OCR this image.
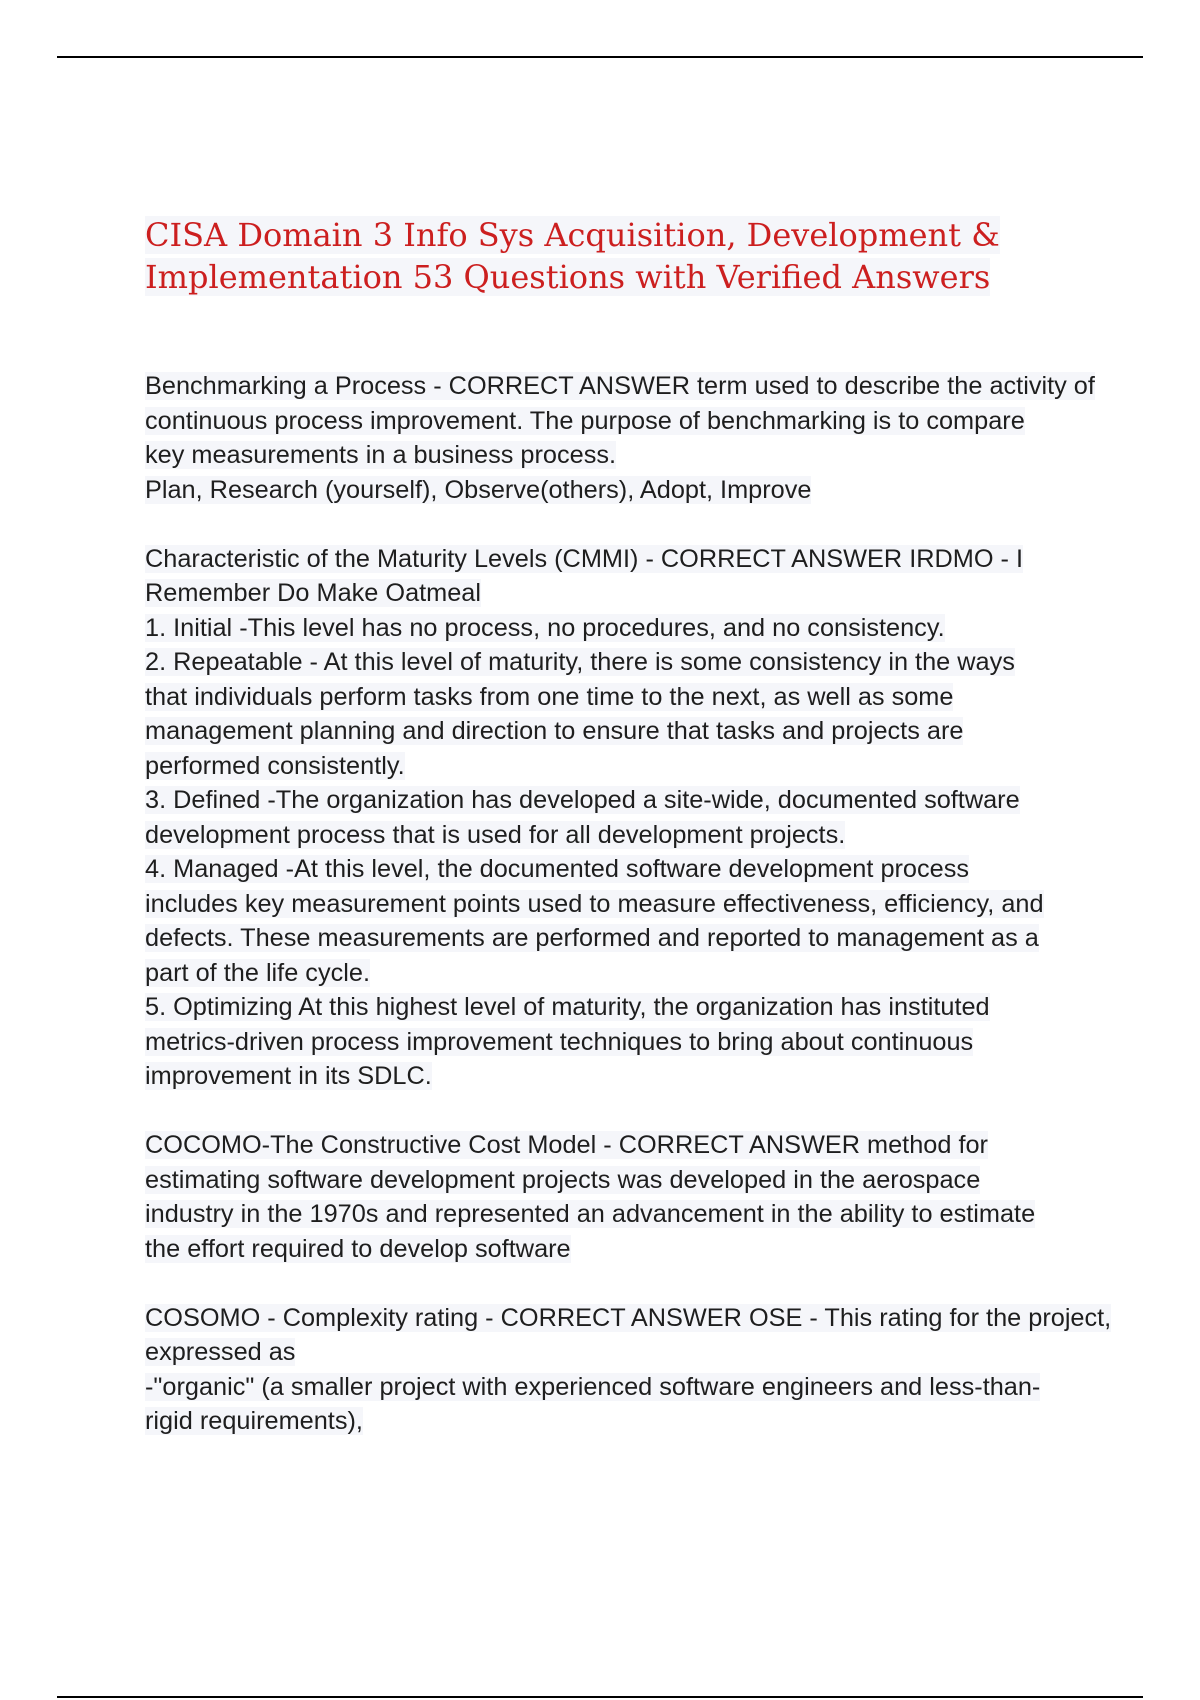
CISA Domain 3 Info Sys Acquisition, Development &
Implementation 53 Questions with Verified Answers
Benchmarking a Process - CORRECT ANSWER term used to describe the activity of
continuous process improvement. The purpose of benchmarking is to compare
key measurements in a business process.
Plan, Research (yourself), Observe(others), Adopt, Improve
Characteristic of the Maturity Levels (CMMI) - CORRECT ANSWER IRDMO - I
Remember Do Make Oatmeal
1. Initial -This level has no process, no procedures, and no consistency.
2. Repeatable - At this level of maturity, there is some consistency in the ways
that individuals perform tasks from one time to the next, as well as some
management planning and direction to ensure that tasks and projects are
performed consistently.
3. Defined -The organization has developed a site-wide, documented software
development process that is used for all development projects.
4. Managed -At this level, the documented software development process
includes key measurement points used to measure effectiveness, efficiency, and
defects. These measurements are performed and reported to management as a
part of the life cycle.
5. Optimizing At this highest level of maturity, the organization has instituted
metrics-driven process improvement techniques to bring about continuous
improvement in its SDLC.
COCOMO-The Constructive Cost Model - CORRECT ANSWER method for
estimating software development projects was developed in the aerospace
industry in the 1970s and represented an advancement in the ability to estimate
the effort required to develop software
COSOMO - Complexity rating - CORRECT ANSWER OSE - This rating for the project,
expressed as
-"organic" (a smaller project with experienced software engineers and less-than-
rigid requirements),
